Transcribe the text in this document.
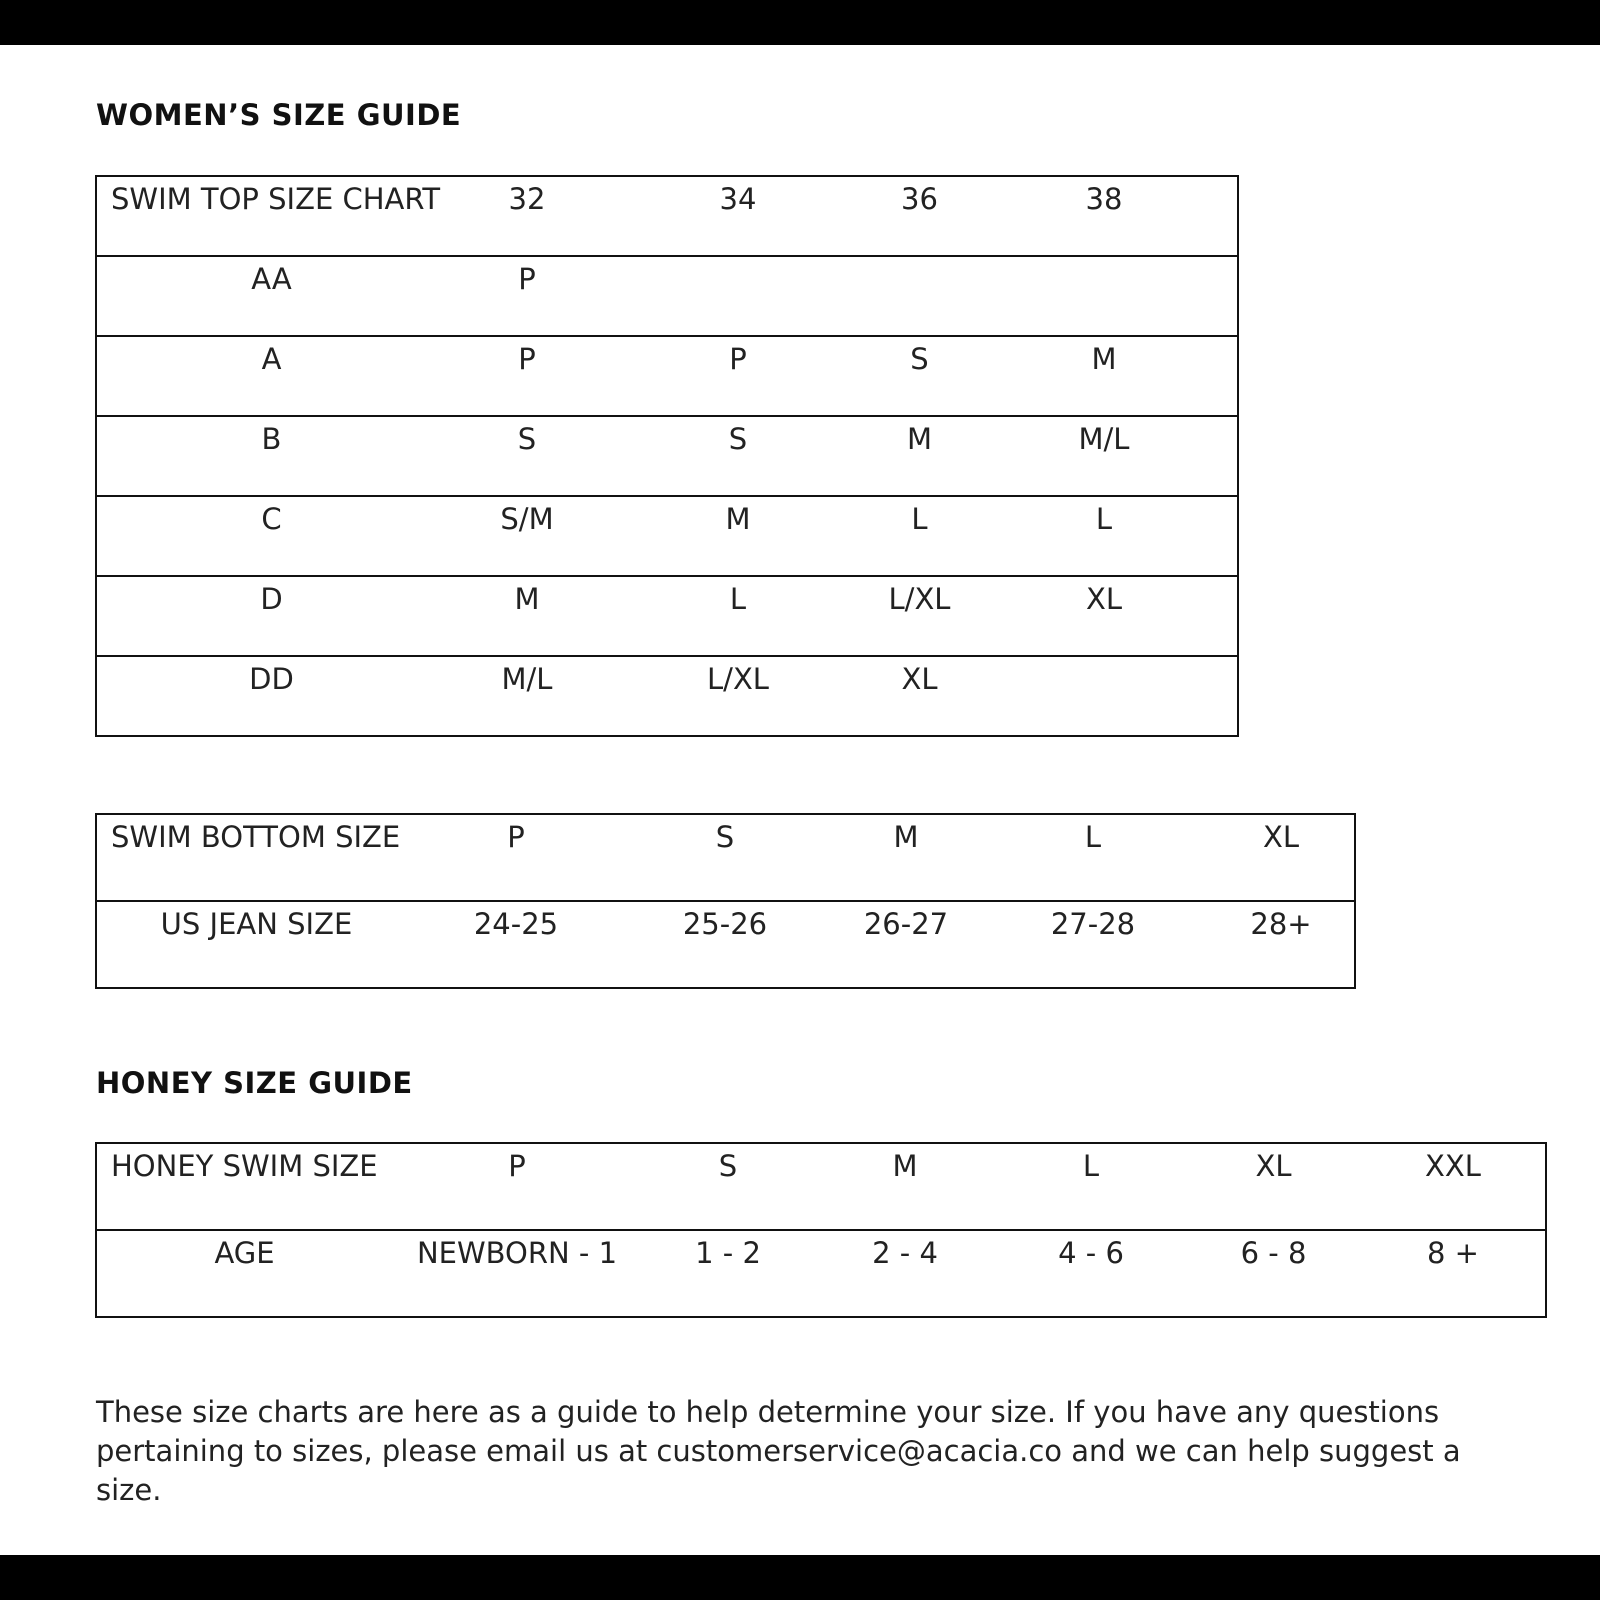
WOMEN’S SIZE GUIDE
SWIM TOP SIZE CHART	32	34	36	38

AA	P			

A	P	P	S	M

B	S	S	M	M/L

C	S/M	M	L	L

D	M	L	L/XL	XL

DD	M/L	L/XL	XL	

SWIM BOTTOM SIZE	P	S	M	L	XL

US JEAN SIZE	24-25	25-26	26-27	27-28	28+
HONEY SIZE GUIDE
HONEY SWIM SIZE	P	S	M	L	XL	XXL

AGE	NEWBORN - 1	1 - 2	2 - 4	4 - 6	6 - 8	8 +

These size charts are here as a guide to help determine your size. If you have any questions pertaining to sizes, please email us at customerservice@acacia.co and we can help suggest a size.
